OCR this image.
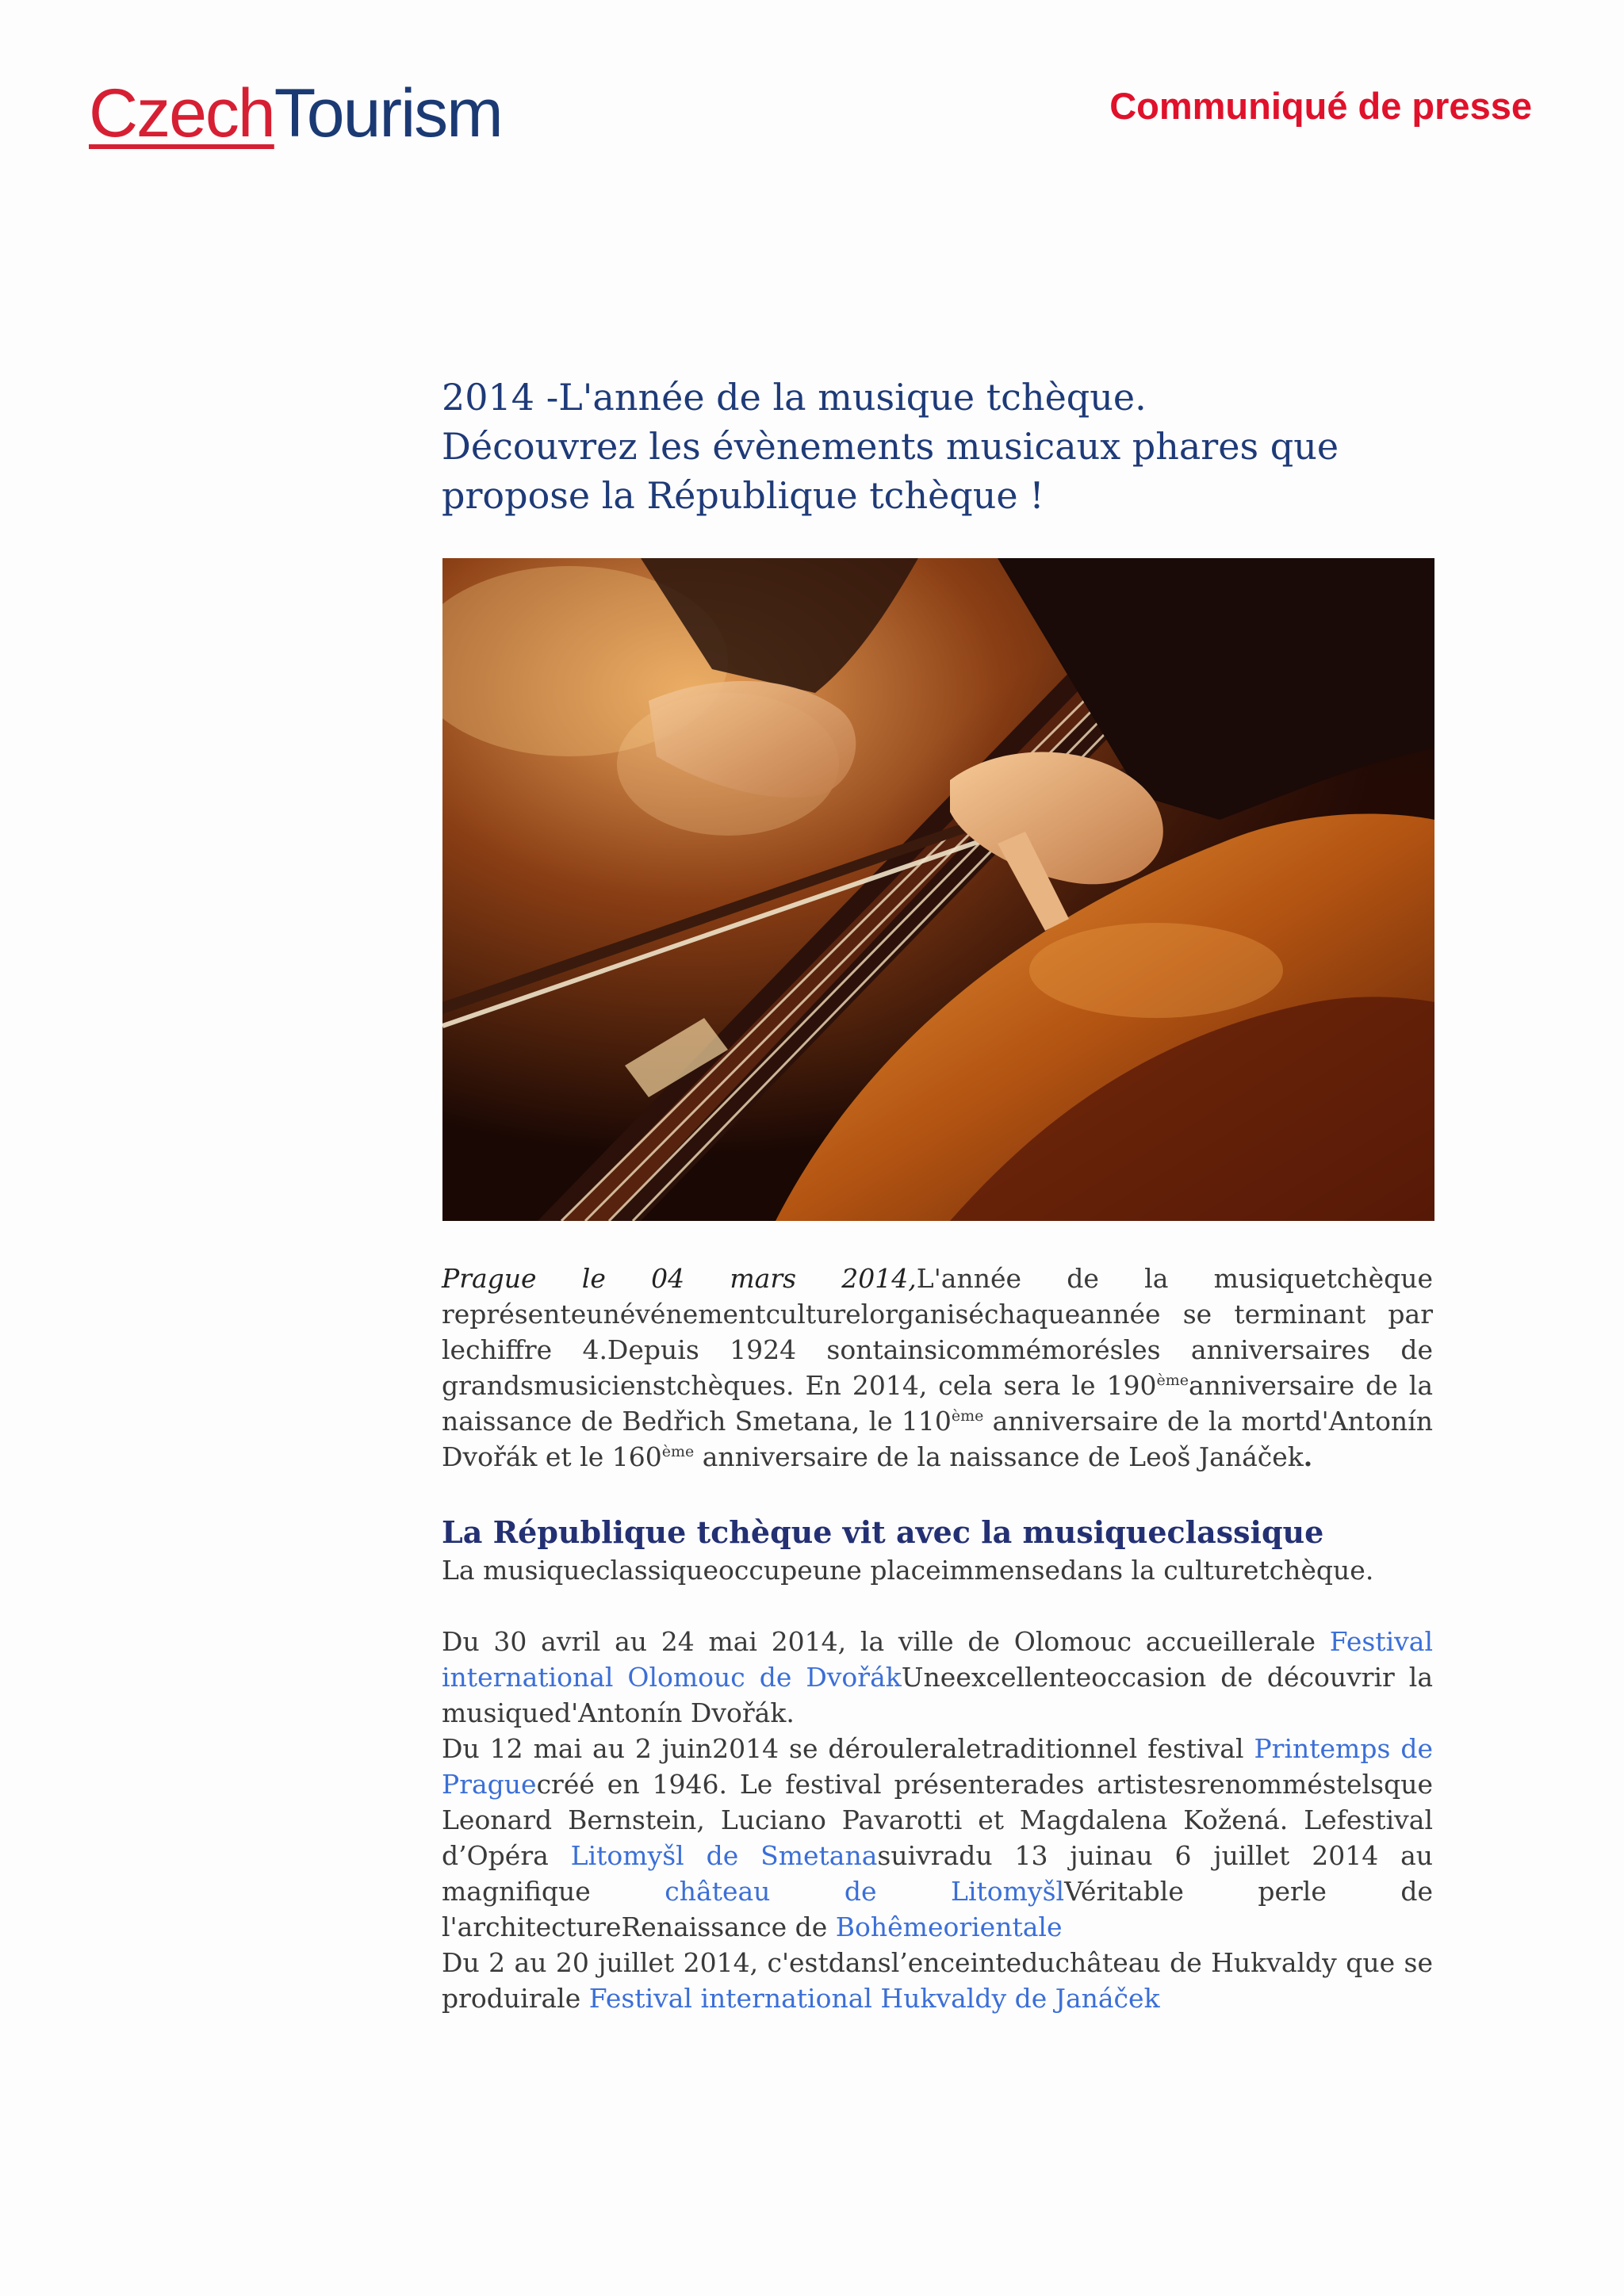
CzechTourism	Communiqué de presse
2014 -L'année de la musique tchèque.
Découvrez les évènements musicaux phares que
propose la République tchèque !

Prague le 04 mars 2014,L'année de la musiquetchèque représenteunévénementculturelorganiséchaqueannée se terminant par lechiffre 4.Depuis 1924 sontainsicommémorésles anniversaires de grandsmusicienstchèques. En 2014, cela sera le 190èmeanniversaire de la naissance de Bedřich Smetana, le 110ème anniversaire de la mortd'Antonín Dvořák et le 160ème anniversaire de la naissance de Leoš Janáček.

La République tchèque vit avec la musiqueclassique

La musiqueclassiqueoccupeune placeimmensedans la culturetchèque.

Du 30 avril au 24 mai 2014, la ville de Olomouc accueillerale Festival international Olomouc de DvořákUneexcellenteoccasion de découvrir la musiqued'Antonín Dvořák.

Du 12 mai au 2 juin2014 se dérouleraletraditionnel festival Printemps de Praguecréé en 1946. Le festival présenterades artistesrenomméstelsque Leonard Bernstein, Luciano Pavarotti et Magdalena Kožená. Lefestival d’Opéra Litomyšl de Smetanasuivradu 13 juinau 6 juillet 2014 au magnifique château de LitomyšlVéritable perle de l'architectureRenaissance de Bohêmeorientale

Du 2 au 20 juillet 2014, c'estdansl’enceinteduchâteau de Hukvaldy que se produirale Festival international Hukvaldy de Janáček
